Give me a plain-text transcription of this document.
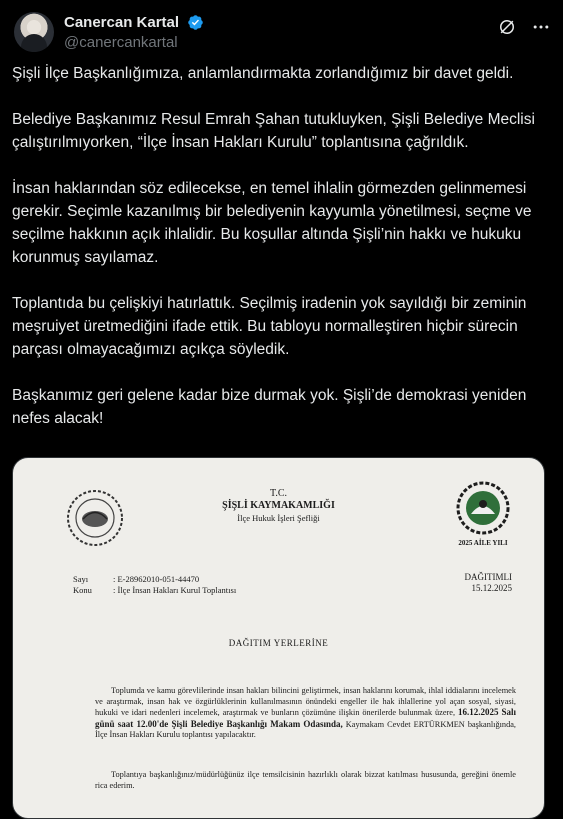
Canercan Kartal
@canercankartal

Şişli İlçe Başkanlığımıza, anlamlandırmakta zorlandığımız bir davet geldi.

Belediye Başkanımız Resul Emrah Şahan tutukluyken, Şişli Belediye Meclisi çalıştırılmıyorken, “İlçe İnsan Hakları Kurulu” toplantısına çağrıldık.

İnsan haklarından söz edilecekse, en temel ihlalin görmezden gelinmemesi gerekir. Seçimle kazanılmış bir belediyenin kayyumla yönetilmesi, seçme ve seçilme hakkının açık ihlalidir. Bu koşullar altında Şişli’nin hakkı ve hukuku korunmuş sayılamaz.

Toplantıda bu çelişkiyi hatırlattık. Seçilmiş iradenin yok sayıldığı bir zeminin meşruiyet üretmediğini ifade ettik. Bu tabloyu normalleştiren hiçbir sürecin parçası olmayacağımızı açıkça söyledik.

Başkanımız geri gelene kadar bize durmak yok. Şişli’de demokrasi yeniden nefes alacak!

T.C.
ŞİŞLİ KAYMAKAMLIĞI
İlçe Hukuk İşleri Şefliği
2025 AİLE YILI
DAĞITIMLI
15.12.2025
Sayı	: E-28962010-051-44470
Konu : İlçe İnsan Hakları Kurul Toplantısı
DAĞITIM YERLERİNE
Toplumda ve kamu görevlilerinde insan hakları bilincini geliştirmek, insan haklarını korumak, ihlal iddialarını incelemek ve araştırmak, insan hak ve özgürlüklerinin kullanılmasının önündeki engeller ile hak ihlallerine yol açan sosyal, siyasi, hukuki ve idari nedenleri incelemek, araştırmak ve bunların çözümüne ilişkin önerilerde bulunmak üzere, 16.12.2025 Salı günü saat 12.00'de Şişli Belediye Başkanlığı Makam Odasında, Kaymakam Cevdet ERTÜRKMEN başkanlığında, İlçe İnsan Hakları Kurulu toplantısı yapılacaktır.
Toplantıya başkanlığınız/müdürlüğünüz ilçe temsilcisinin hazırlıklı olarak bizzat katılması hususunda, gereğini önemle rica ederim.
